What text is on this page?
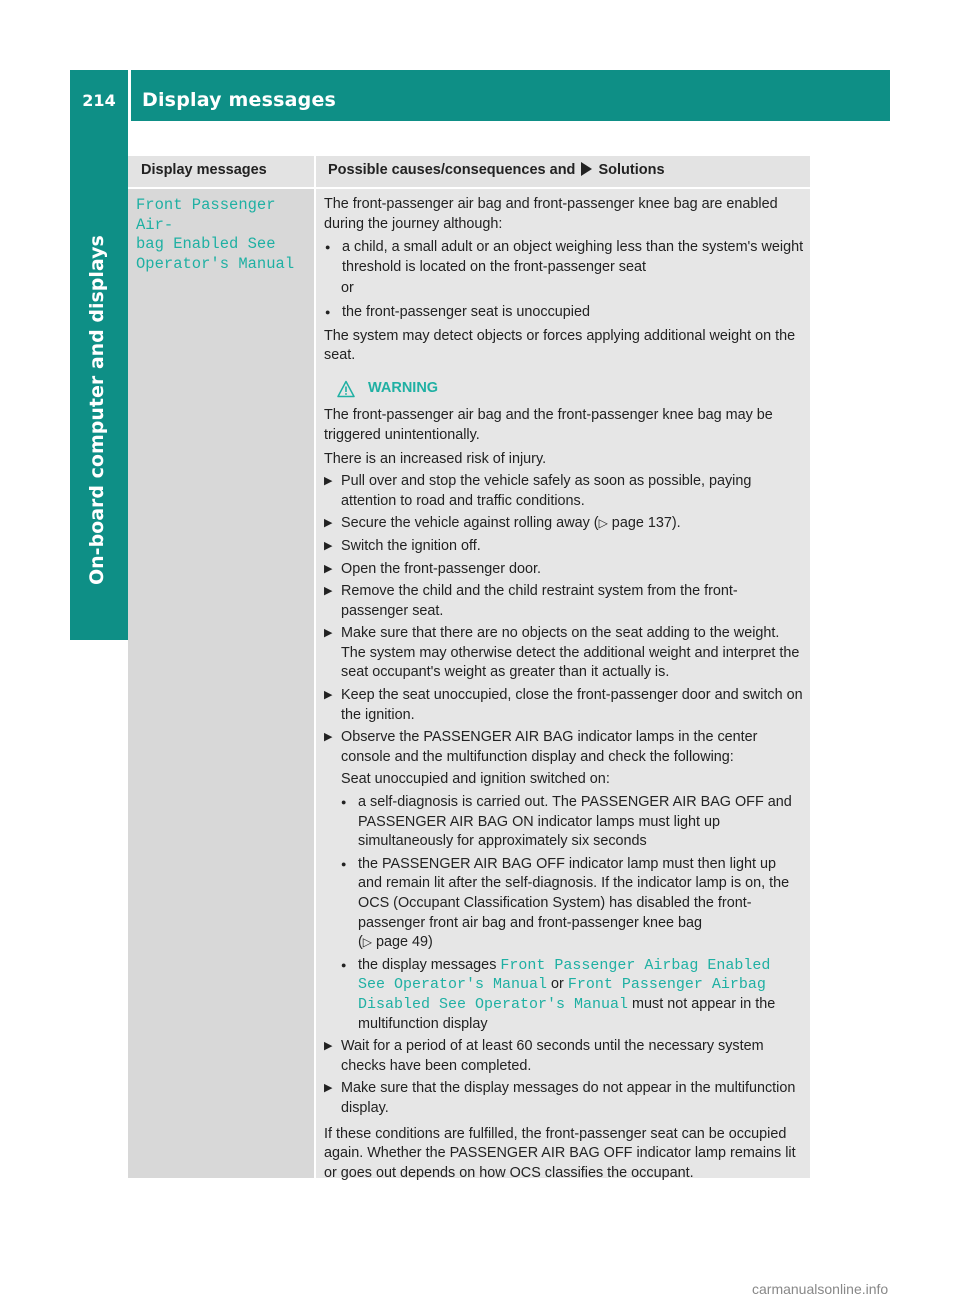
214	Display messages
On-board computer and displays
Display messages	Possible causes/consequences and Solutions
Front Passenger Air‐
bag Enabled See
Operator's Manual

The front-passenger air bag and front-passenger knee bag are enabled during the journey although:

● a child, a small adult or an object weighing less than the system's weight threshold is located on the front-passenger seat

or

● the front-passenger seat is unoccupied

The system may detect objects or forces applying additional weight on the seat.

WARNING

The front-passenger air bag and the front-passenger knee bag may be triggered unintentionally.

There is an increased risk of injury.

▶ Pull over and stop the vehicle safely as soon as possible, paying attention to road and traffic conditions.

▶ Secure the vehicle against rolling away (▷ page 137).

▶ Switch the ignition off.

▶ Open the front-passenger door.

▶ Remove the child and the child restraint system from the front-passenger seat.

▶ Make sure that there are no objects on the seat adding to the weight.
The system may otherwise detect the additional weight and interpret the seat occupant's weight as greater than it actually is.

▶ Keep the seat unoccupied, close the front-passenger door and switch on the ignition.

▶ Observe the PASSENGER AIR BAG indicator lamps in the center console and the multifunction display and check the following:

Seat unoccupied and ignition switched on:

● a self-diagnosis is carried out. The PASSENGER AIR BAG OFF and PASSENGER AIR BAG ON indicator lamps must light up simultaneously for approximately six seconds

● the PASSENGER AIR BAG OFF indicator lamp must then light up and remain lit after the self-diagnosis. If the indicator lamp is on, the OCS (Occupant Classification System) has disabled the front-passenger front air bag and front-passenger knee bag
(▷ page 49)

● the display messages Front Passenger Airbag Enabled See Operator's Manual or Front Passenger Airbag Disabled See Operator's Manual must not appear in the multifunction display

▶ Wait for a period of at least 60 seconds until the necessary system checks have been completed.

▶ Make sure that the display messages do not appear in the multifunction display.

If these conditions are fulfilled, the front-passenger seat can be occupied again. Whether the PASSENGER AIR BAG OFF indicator lamp remains lit or goes out depends on how OCS classifies the occupant.

carmanualsonline.info
